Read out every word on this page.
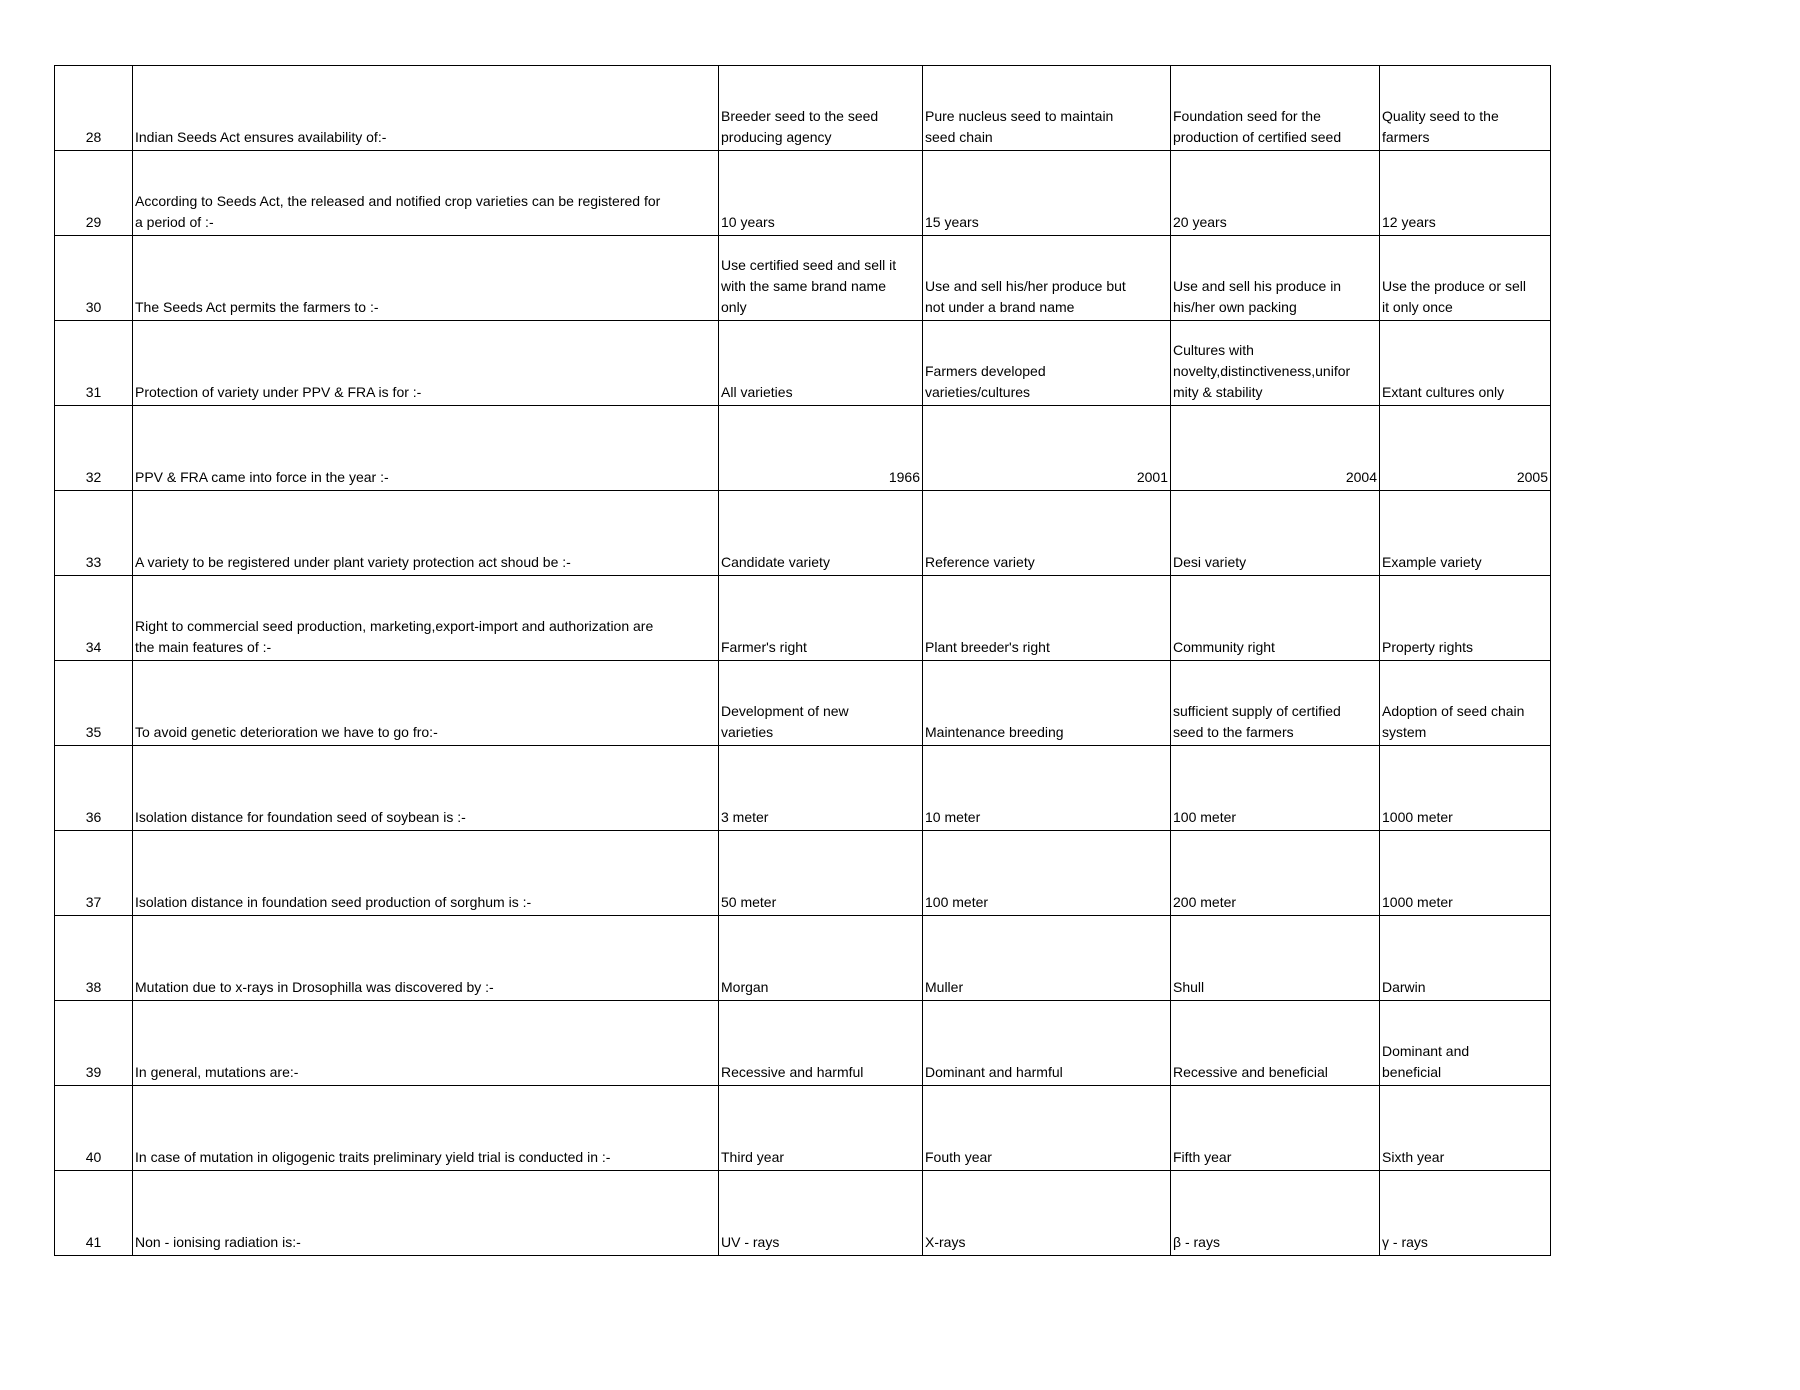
28	Indian Seeds Act ensures availability of:-	Breeder seed to the seed
producing agency	Pure nucleus seed to maintain
seed chain	Foundation seed for the
production of certified seed	Quality seed to the
farmers
29	According to Seeds Act, the released and notified crop varieties can be registered for
a period of :-	10 years	15 years	20 years	12 years
30	The Seeds Act permits the farmers to :-	Use certified seed and sell it
with the same brand name
only	Use and sell his/her produce but
not under a brand name	Use and sell his produce in
his/her own packing	Use the produce or sell
it only once
31	Protection of variety under PPV & FRA is for :-	All varieties	Farmers developed
varieties/cultures	Cultures with
novelty,distinctiveness,unifor
mity & stability	Extant cultures only
32	PPV & FRA came into force in the year :-	1966	2001	2004	2005
33	A variety to be registered under plant variety protection act shoud be :-	Candidate variety	Reference variety	Desi variety	Example variety
34	Right to commercial seed production, marketing,export-import and authorization are
the main features of :-	Farmer's right	Plant breeder's right	Community right	Property rights
35	To avoid genetic deterioration we have to go fro:-	Development of new
varieties	Maintenance breeding	sufficient supply of certified
seed to the farmers	Adoption of seed chain
system
36	Isolation distance for foundation seed of soybean is :-	3 meter	10 meter	100 meter	1000 meter
37	Isolation distance in foundation seed production of sorghum is :-	50 meter	100 meter	200 meter	1000 meter
38	Mutation due to x-rays in Drosophilla was discovered by :-	Morgan	Muller	Shull	Darwin
39	In general, mutations are:-	Recessive and harmful	Dominant and harmful	Recessive and beneficial	Dominant and
beneficial
40	In case of mutation in oligogenic traits preliminary yield trial is conducted in :-	Third year	Fouth year	Fifth year	Sixth year
41	Non - ionising radiation is:-	UV - rays	X-rays	β - rays	γ - rays
